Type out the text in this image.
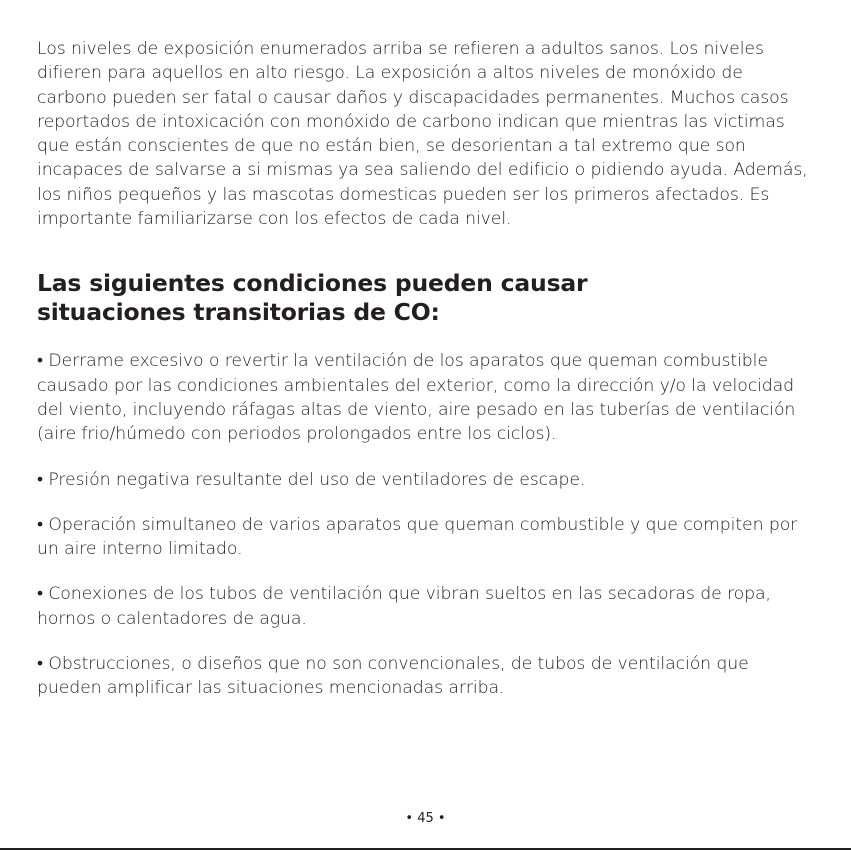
Los niveles de exposición enumerados arriba se refieren a adultos sanos. Los niveles difieren para aquellos en alto riesgo. La exposición a altos niveles de monóxido de carbono pueden ser fatal o causar daños y discapacidades permanentes. Muchos casos reportados de intoxicación con monóxido de carbono indican que mientras las victimas que están conscientes de que no están bien, se desorientan a tal extremo que son incapaces de salvarse a si mismas ya sea saliendo del edificio o pidiendo ayuda. Además, los niños pequeños y las mascotas domesticas pueden ser los primeros afectados. Es importante familiarizarse con los efectos de cada nivel.

Las siguientes condiciones pueden causar situaciones transitorias de CO:
• Derrame excesivo o revertir la ventilación de los aparatos que queman combustible causado por las condiciones ambientales del exterior, como la dirección y/o la velocidad del viento, incluyendo ráfagas altas de viento, aire pesado en las tuberías de ventilación (aire frio/húmedo con periodos prolongados entre los ciclos).
• Presión negativa resultante del uso de ventiladores de escape.
• Operación simultaneo de varios aparatos que queman combustible y que compiten por un aire interno limitado.
• Conexiones de los tubos de ventilación que vibran sueltos en las secadoras de ropa, hornos o calentadores de agua.
• Obstrucciones, o diseños que no son convencionales, de tubos de ventilación que pueden amplificar las situaciones mencionadas arriba.
• 45 •
